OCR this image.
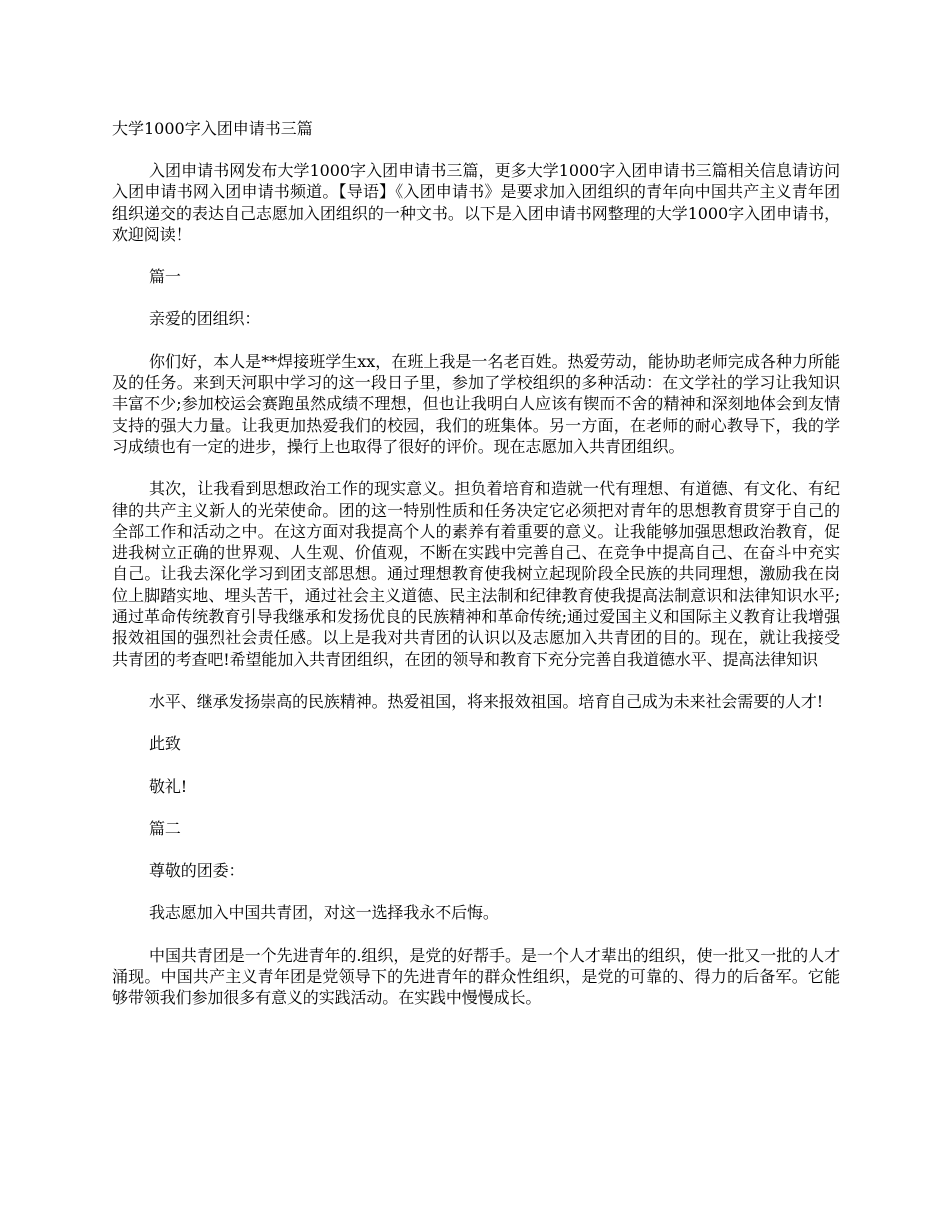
大学1000字入团申请书三篇

入团申请书网发布大学1000字入团申请书三篇，更多大学1000字入团申请书三篇相关信息请访问入团申请书网入团申请书频道。【导语】《入团申请书》是要求加入团组织的青年向中国共产主义青年团组织递交的表达自己志愿加入团组织的一种文书。以下是入团申请书网整理的大学1000字入团申请书，欢迎阅读！

篇一

亲爱的团组织：

你们好，本人是**焊接班学生xx，在班上我是一名老百姓。热爱劳动，能协助老师完成各种力所能及的任务。来到天河职中学习的这一段日子里，参加了学校组织的多种活动：在文学社的学习让我知识丰富不少;参加校运会赛跑虽然成绩不理想，但也让我明白人应该有锲而不舍的精神和深刻地体会到友情支持的强大力量。让我更加热爱我们的校园，我们的班集体。另一方面，在老师的耐心教导下，我的学习成绩也有一定的进步，操行上也取得了很好的评价。现在志愿加入共青团组织。

其次，让我看到思想政治工作的现实意义。担负着培育和造就一代有理想、有道德、有文化、有纪律的共产主义新人的光荣使命。团的这一特别性质和任务决定它必须把对青年的思想教育贯穿于自己的全部工作和活动之中。在这方面对我提高个人的素养有着重要的意义。让我能够加强思想政治教育，促进我树立正确的世界观、人生观、价值观，不断在实践中完善自己、在竞争中提高自己、在奋斗中充实自己。让我去深化学习到团支部思想。通过理想教育使我树立起现阶段全民族的共同理想，激励我在岗位上脚踏实地、埋头苦干，通过社会主义道德、民主法制和纪律教育使我提高法制意识和法律知识水平;通过革命传统教育引导我继承和发扬优良的民族精神和革命传统;通过爱国主义和国际主义教育让我增强报效祖国的强烈社会责任感。以上是我对共青团的认识以及志愿加入共青团的目的。现在，就让我接受共青团的考查吧!希望能加入共青团组织，在团的领导和教育下充分完善自我道德水平、提高法律知识

水平、继承发扬崇高的民族精神。热爱祖国，将来报效祖国。培育自己成为未来社会需要的人才!

此致

敬礼!

篇二

尊敬的团委：

我志愿加入中国共青团，对这一选择我永不后悔。

中国共青团是一个先进青年的.组织，是党的好帮手。是一个人才辈出的组织，使一批又一批的人才涌现。中国共产主义青年团是党领导下的先进青年的群众性组织，是党的可靠的、得力的后备军。它能够带领我们参加很多有意义的实践活动。在实践中慢慢成长。
